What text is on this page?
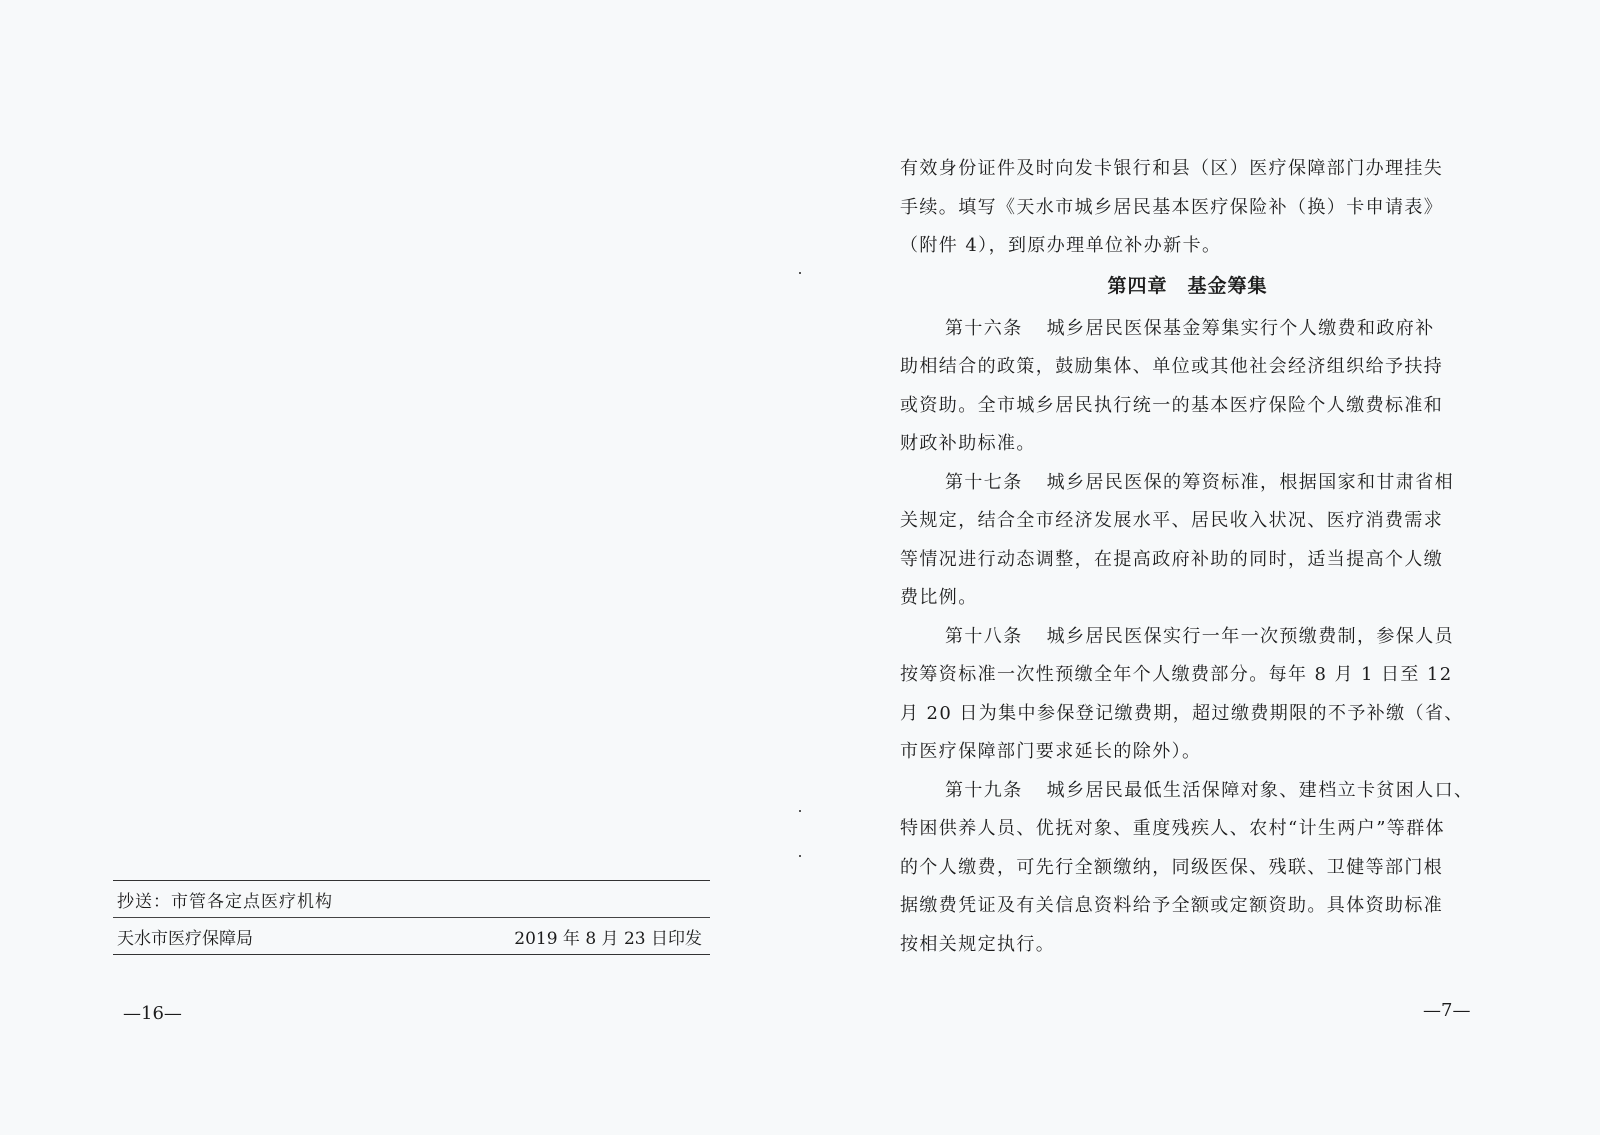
抄送： 市管各定点医疗机构
天水市医疗保障局	2019 年 8 月 23 日印发
—16—
有效身份证件及时向发卡银行和县（区）医疗保障部门办理挂失
手续。填写《天水市城乡居民基本医疗保险补（换）卡申请表》
（附件 4），到原办理单位补办新卡。
第四章 基金筹集
第十六条 城乡居民医保基金筹集实行个人缴费和政府补
助相结合的政策，鼓励集体、单位或其他社会经济组织给予扶持
或资助。全市城乡居民执行统一的基本医疗保险个人缴费标准和
财政补助标准。
第十七条 城乡居民医保的筹资标准，根据国家和甘肃省相
关规定，结合全市经济发展水平、居民收入状况、医疗消费需求
等情况进行动态调整，在提高政府补助的同时，适当提高个人缴
费比例。
第十八条 城乡居民医保实行一年一次预缴费制，参保人员
按筹资标准一次性预缴全年个人缴费部分。每年 8 月 1 日至 12
月 20 日为集中参保登记缴费期，超过缴费期限的不予补缴（省、
市医疗保障部门要求延长的除外）。
第十九条 城乡居民最低生活保障对象、建档立卡贫困人口、
特困供养人员、优抚对象、重度残疾人、农村“计生两户”等群体
的个人缴费，可先行全额缴纳，同级医保、残联、卫健等部门根
据缴费凭证及有关信息资料给予全额或定额资助。具体资助标准
按相关规定执行。
—7—
